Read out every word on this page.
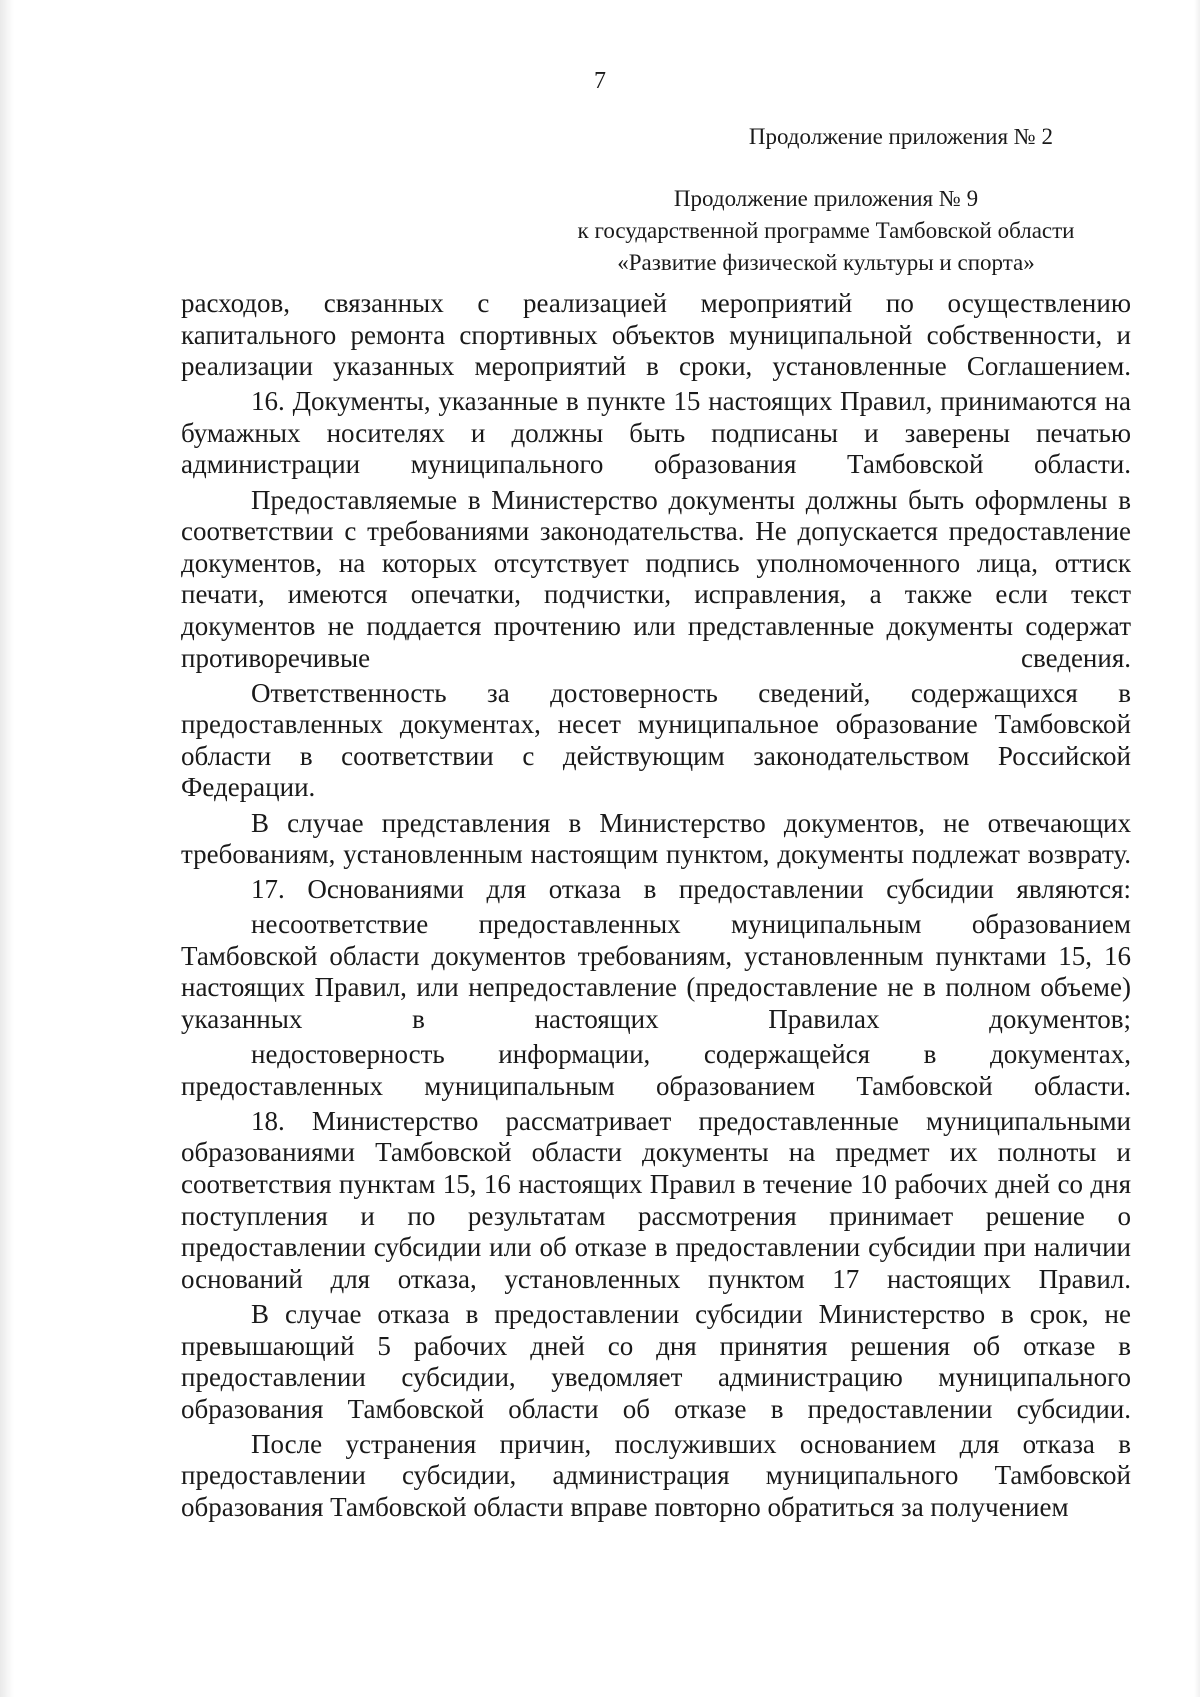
7
Продолжение приложения № 2
Продолжение приложения № 9
к государственной программе Тамбовской области
«Развитие физической культуры и спорта»

расходов, связанных с реализацией мероприятий по осуществлению капитального ремонта спортивных объектов муниципальной собственности, и реализации указанных мероприятий в сроки, установленные Соглашением.

16. Документы, указанные в пункте 15 настоящих Правил, принимаются на бумажных носителях и должны быть подписаны и заверены печатью администрации муниципального образования Тамбовской области.

Предоставляемые в Министерство документы должны быть оформлены в соответствии с требованиями законодательства. Не допускается предоставление документов, на которых отсутствует подпись уполномоченного лица, оттиск печати, имеются опечатки, подчистки, исправления, а также если текст документов не поддается прочтению или представленные документы содержат противоречивые сведения.

Ответственность за достоверность сведений, содержащихся в предоставленных документах, несет муниципальное образование Тамбовской области в соответствии с действующим законодательством Российской Федерации.

В случае представления в Министерство документов, не отвечающих требованиям, установленным настоящим пунктом, документы подлежат возврату.

17. Основаниями для отказа в предоставлении субсидии являются:

несоответствие предоставленных муниципальным образованием Тамбовской области документов требованиям, установленным пунктами 15, 16 настоящих Правил, или непредоставление (предоставление не в полном объеме) указанных в настоящих Правилах документов;

недостоверность информации, содержащейся в документах, предоставленных муниципальным образованием Тамбовской области.

18. Министерство рассматривает предоставленные муниципальными образованиями Тамбовской области документы на предмет их полноты и соответствия пунктам 15, 16 настоящих Правил в течение 10 рабочих дней со дня поступления и по результатам рассмотрения принимает решение о предоставлении субсидии или об отказе в предоставлении субсидии при наличии оснований для отказа, установленных пунктом 17 настоящих Правил.

В случае отказа в предоставлении субсидии Министерство в срок, не превышающий 5 рабочих дней со дня принятия решения об отказе в предоставлении субсидии, уведомляет администрацию муниципального образования Тамбовской области об отказе в предоставлении субсидии.

После устранения причин, послуживших основанием для отказа в предоставлении субсидии, администрация муниципального Тамбовской образования Тамбовской области вправе повторно обратиться за получением
